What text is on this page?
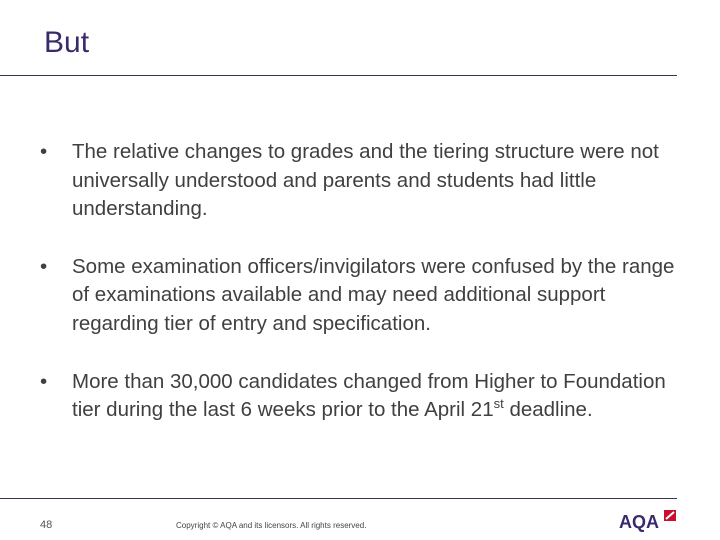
But
• The relative changes to grades and the tiering structure were not universally understood and parents and students had little understanding.
• Some examination officers/invigilators were confused by the range of examinations available and may need additional support regarding tier of entry and specification.
• More than 30,000 candidates changed from Higher to Foundation tier during the last 6 weeks prior to the April 21st deadline.
48	Copyright © AQA and its licensors. All rights reserved.	AQA
